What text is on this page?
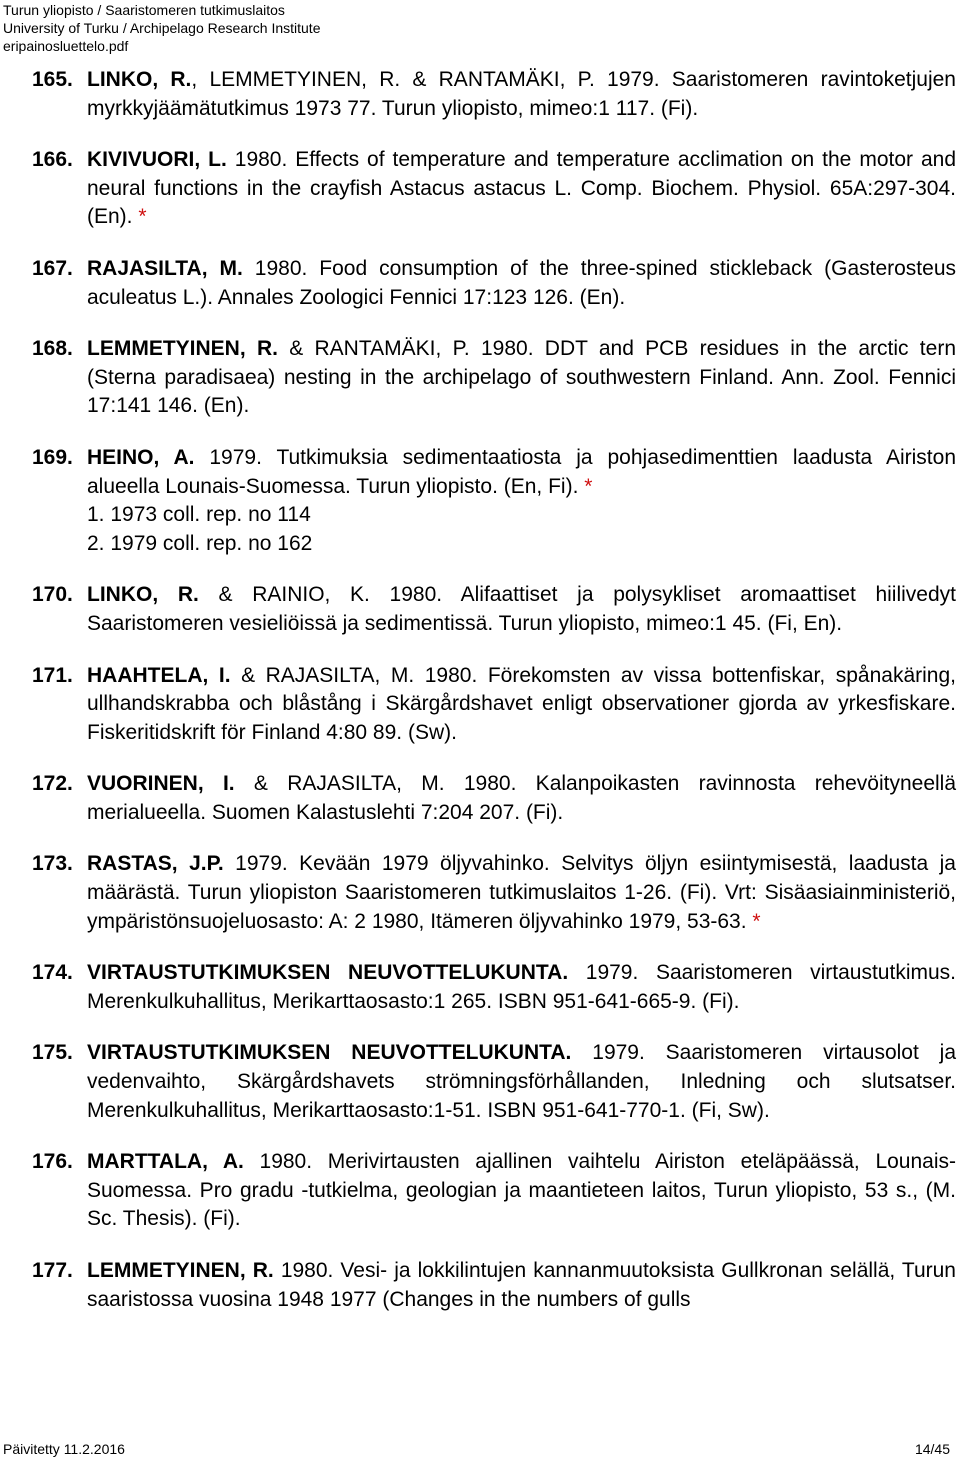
Turun yliopisto / Saaristomeren tutkimuslaitos
University of Turku / Archipelago Research Institute
eripainosluettelo.pdf
165. LINKO, R., LEMMETYINEN, R. & RANTAMÄKI, P. 1979. Saaristomeren ravintoketjujen myrkkyjäämätutkimus 1973 77. Turun yliopisto, mimeo:1 117. (Fi).
166. KIVIVUORI, L. 1980. Effects of temperature and temperature acclimation on the motor and neural functions in the crayfish Astacus astacus L. Comp. Biochem. Physiol. 65A:297-304. (En). *
167. RAJASILTA, M. 1980. Food consumption of the three-spined stickleback (Gasterosteus aculeatus L.). Annales Zoologici Fennici 17:123 126. (En).
168. LEMMETYINEN, R. & RANTAMÄKI, P. 1980. DDT and PCB residues in the arctic tern (Sterna paradisaea) nesting in the archipelago of southwestern Finland. Ann. Zool. Fennici 17:141 146. (En).
169. HEINO, A. 1979. Tutkimuksia sedimentaatiosta ja pohjasedimenttien laadusta Airiston alueella Lounais-Suomessa. Turun yliopisto. (En, Fi). *
1. 1973 coll. rep. no 114
2. 1979 coll. rep. no 162
170. LINKO, R. & RAINIO, K. 1980. Alifaattiset ja polysykliset aromaattiset hiilivedyt Saaristomeren vesieliöissä ja sedimentissä. Turun yliopisto, mimeo:1 45. (Fi, En).
171. HAAHTELA, I. & RAJASILTA, M. 1980. Förekomsten av vissa bottenfiskar, spånakäring, ullhandskrabba och blåstång i Skärgårdshavet enligt observationer gjorda av yrkesfiskare. Fiskeritidskrift för Finland 4:80 89. (Sw).
172. VUORINEN, I. & RAJASILTA, M. 1980. Kalanpoikasten ravinnosta rehevöityneellä merialueella. Suomen Kalastuslehti 7:204 207. (Fi).
173. RASTAS, J.P. 1979. Kevään 1979 öljyvahinko. Selvitys öljyn esiintymisestä, laadusta ja määrästä. Turun yliopiston Saaristomeren tutkimuslaitos 1-26. (Fi). Vrt: Sisäasiainministeriö, ympäristönsuojeluosasto: A: 2 1980, Itämeren öljyvahinko 1979, 53-63. *
174. VIRTAUSTUTKIMUKSEN NEUVOTTELUKUNTA. 1979. Saaristomeren virtaustutkimus. Merenkulkuhallitus, Merikarttaosasto:1 265. ISBN 951-641-665-9. (Fi).
175. VIRTAUSTUTKIMUKSEN NEUVOTTELUKUNTA. 1979. Saaristomeren virtausolot ja vedenvaihto, Skärgårdshavets strömningsförhållanden, Inledning och slutsatser. Merenkulkuhallitus, Merikarttaosasto:1-51. ISBN 951-641-770-1. (Fi, Sw).
176. MARTTALA, A. 1980. Merivirtausten ajallinen vaihtelu Airiston eteläpäässä, Lounais-Suomessa. Pro gradu -tutkielma, geologian ja maantieteen laitos, Turun yliopisto, 53 s., (M. Sc. Thesis). (Fi).
177. LEMMETYINEN, R. 1980. Vesi- ja lokkilintujen kannanmuutoksista Gullkronan selällä, Turun saaristossa vuosina 1948 1977 (Changes in the numbers of gulls
Päivitetty 11.2.2016	14/45
